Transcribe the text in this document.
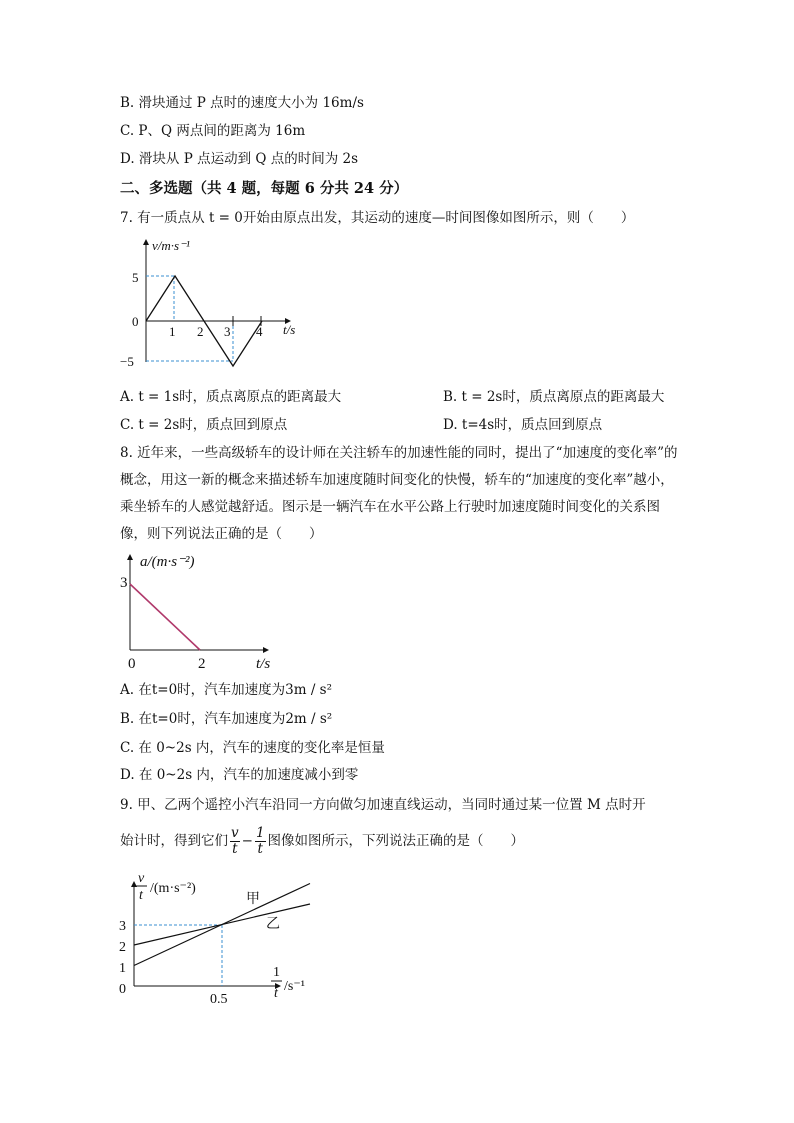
B. 滑块通过 P 点时的速度大小为 16m/s
C. P、Q 两点间的距离为 16m
D. 滑块从 P 点运动到 Q 点的时间为 2s
二、多选题（共 4 题，每题 6 分共 24 分）
7. 有一质点从 t = 0开始由原点出发，其运动的速度—时间图像如图所示，则（　　）
v/m·s⁻¹
t/s
5
0
−5
1 2 3 4
A. t = 1s时，质点离原点的距离最大	B. t = 2s时，质点离原点的距离最大
C. t = 2s时，质点回到原点	D. t=4s时，质点回到原点
8. 近年来，一些高级轿车的设计师在关注轿车的加速性能的同时，提出了“加速度的变化率”的概念，用这一新的概念来描述轿车加速度随时间变化的快慢，轿车的“加速度的变化率”越小，乘坐轿车的人感觉越舒适。图示是一辆汽车在水平公路上行驶时加速度随时间变化的关系图像，则下列说法正确的是（　　）
a/(m·s⁻²)
t/s
3
0	2
A. 在t=0时，汽车加速度为3m / s²
B. 在t=0时，汽车加速度为2m / s²
C. 在 0~2s 内，汽车的速度的变化率是恒量
D. 在 0~2s 内，汽车的加速度减小到零
9. 甲、乙两个遥控小汽车沿同一方向做匀加速直线运动，当同时通过某一位置 M 点时开
始计时，得到它们 $\frac{v}{t} - \frac{1}{t}$ 图像如图所示，下列说法正确的是（　　）
v
t /(m·s⁻²)
1
t /s⁻¹
3
2
1
0
0.5
甲
乙
